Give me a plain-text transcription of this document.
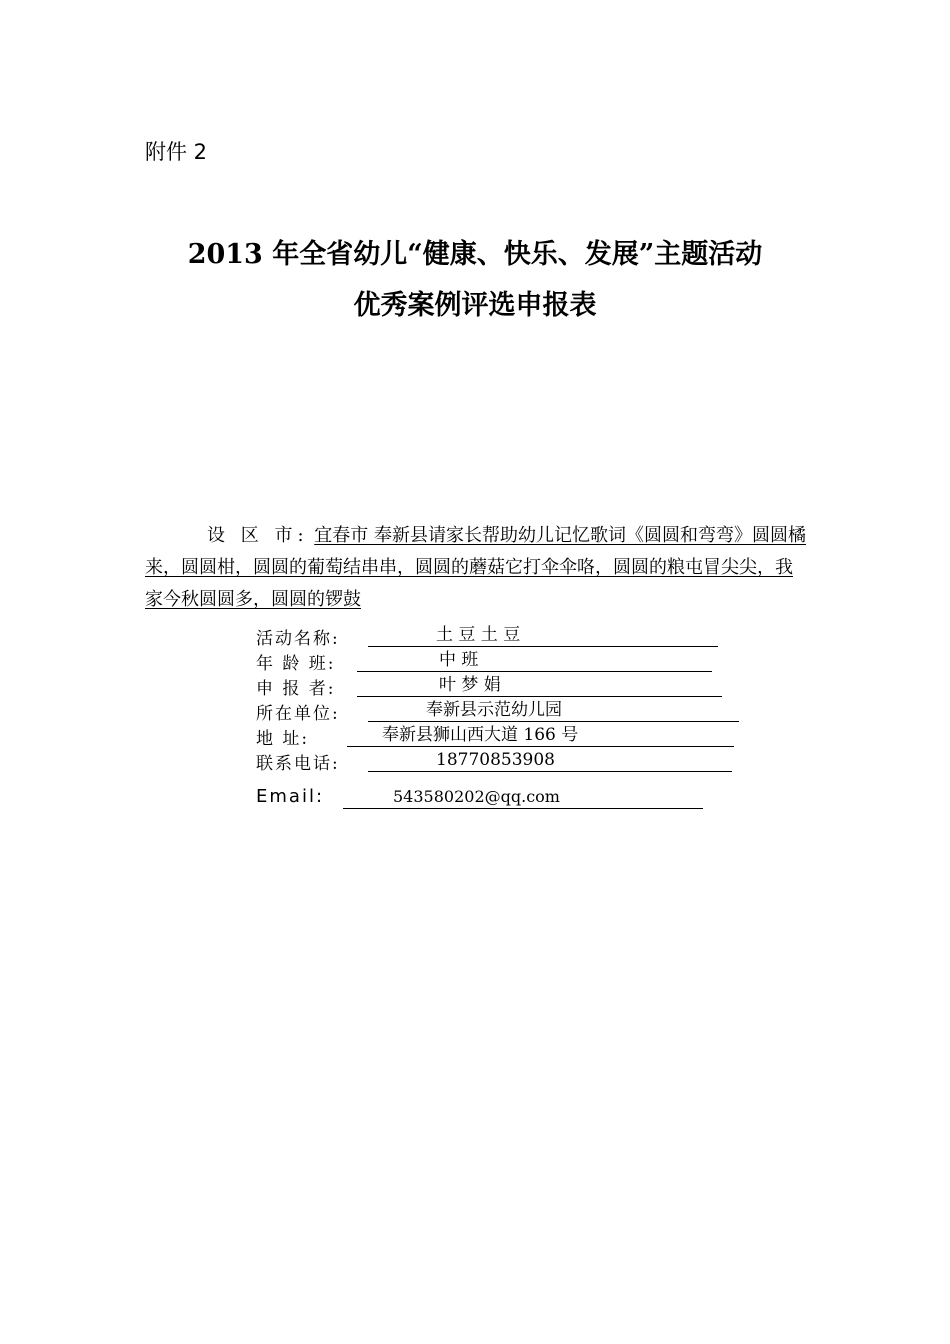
附件 2
2013 年全省幼儿“健康、快乐、发展”主题活动
优秀案例评选申报表
设 区 市: 宜春市 奉新县请家长帮助幼儿记忆歌词《圆圆和弯弯》圆圆橘来，圆圆柑，圆圆的葡萄结串串，圆圆的蘑菇它打伞伞咯，圆圆的粮屯冒尖尖，我家今秋圆圆多，圆圆的锣鼓
活动名称:	土 豆 土 豆
年 龄 班:	中 班
申 报 者:	叶 梦 娟
所在单位:	奉新县示范幼儿园
地 址:	奉新县狮山西大道 166 号
联系电话:	18770853908
Email:	543580202@qq.com
